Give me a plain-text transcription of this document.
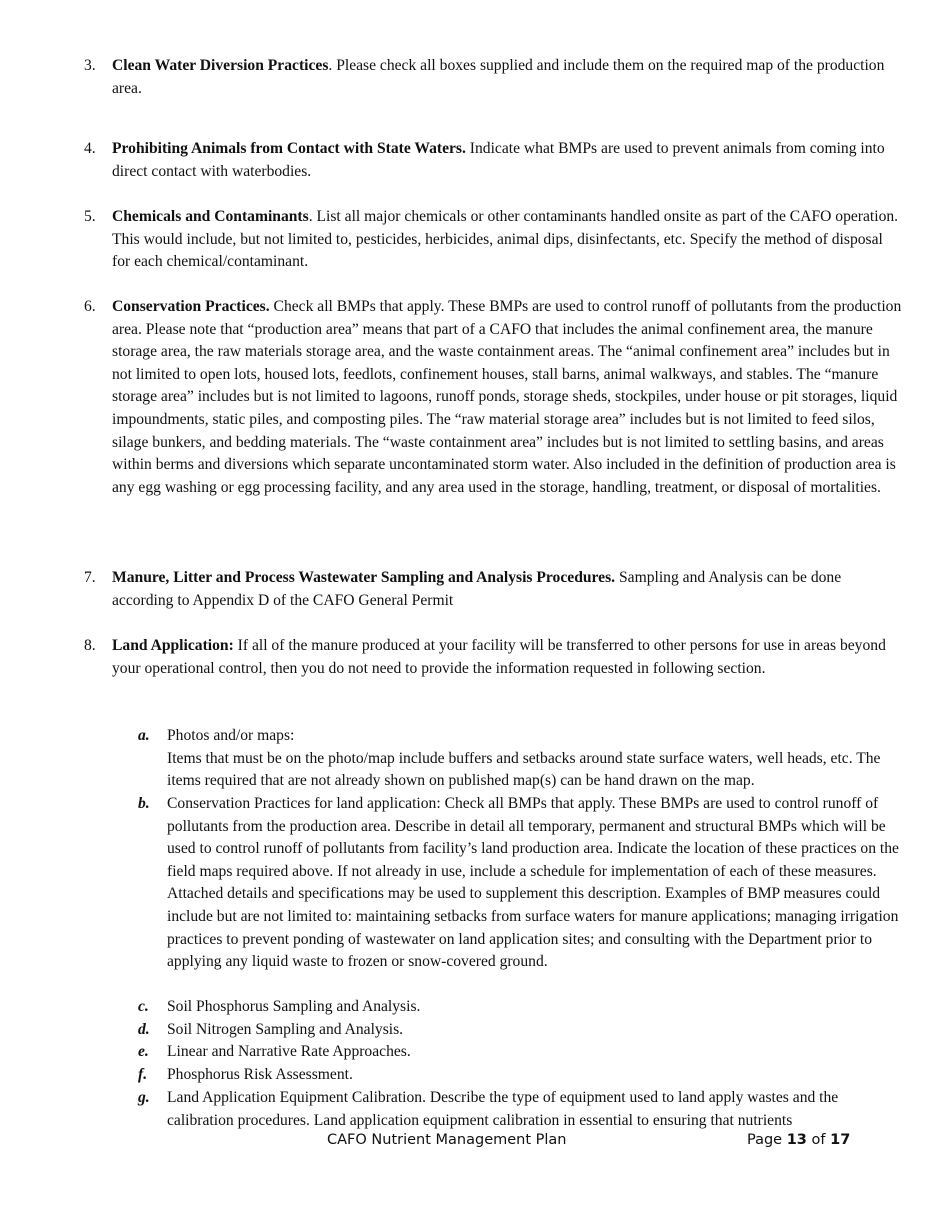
3. Clean Water Diversion Practices. Please check all boxes supplied and include them on the required map of the production area.
4. Prohibiting Animals from Contact with State Waters. Indicate what BMPs are used to prevent animals from coming into direct contact with waterbodies.
5. Chemicals and Contaminants. List all major chemicals or other contaminants handled onsite as part of the CAFO operation. This would include, but not limited to, pesticides, herbicides, animal dips, disinfectants, etc. Specify the method of disposal for each chemical/contaminant.
6. Conservation Practices. Check all BMPs that apply. These BMPs are used to control runoff of pollutants from the production area. Please note that “production area” means that part of a CAFO that includes the animal confinement area, the manure storage area, the raw materials storage area, and the waste containment areas. The “animal confinement area” includes but in not limited to open lots, housed lots, feedlots, confinement houses, stall barns, animal walkways, and stables. The “manure storage area” includes but is not limited to lagoons, runoff ponds, storage sheds, stockpiles, under house or pit storages, liquid impoundments, static piles, and composting piles. The “raw material storage area” includes but is not limited to feed silos, silage bunkers, and bedding materials. The “waste containment area” includes but is not limited to settling basins, and areas within berms and diversions which separate uncontaminated storm water. Also included in the definition of production area is any egg washing or egg processing facility, and any area used in the storage, handling, treatment, or disposal of mortalities.
7. Manure, Litter and Process Wastewater Sampling and Analysis Procedures. Sampling and Analysis can be done according to Appendix D of the CAFO General Permit
8. Land Application: If all of the manure produced at your facility will be transferred to other persons for use in areas beyond your operational control, then you do not need to provide the information requested in following section.
a. Photos and/or maps:
Items that must be on the photo/map include buffers and setbacks around state surface waters, well heads, etc. The items required that are not already shown on published map(s) can be hand drawn on the map.
b. Conservation Practices for land application: Check all BMPs that apply. These BMPs are used to control runoff of pollutants from the production area. Describe in detail all temporary, permanent and structural BMPs which will be used to control runoff of pollutants from facility’s land production area. Indicate the location of these practices on the field maps required above. If not already in use, include a schedule for implementation of each of these measures. Attached details and specifications may be used to supplement this description. Examples of BMP measures could include but are not limited to: maintaining setbacks from surface waters for manure applications; managing irrigation practices to prevent ponding of wastewater on land application sites; and consulting with the Department prior to applying any liquid waste to frozen or snow-covered ground.
c. Soil Phosphorus Sampling and Analysis.
d. Soil Nitrogen Sampling and Analysis.
e. Linear and Narrative Rate Approaches.
f. Phosphorus Risk Assessment.
g. Land Application Equipment Calibration. Describe the type of equipment used to land apply wastes and the calibration procedures. Land application equipment calibration in essential to ensuring that nutrients
CAFO Nutrient Management Plan	Page 13 of 17
